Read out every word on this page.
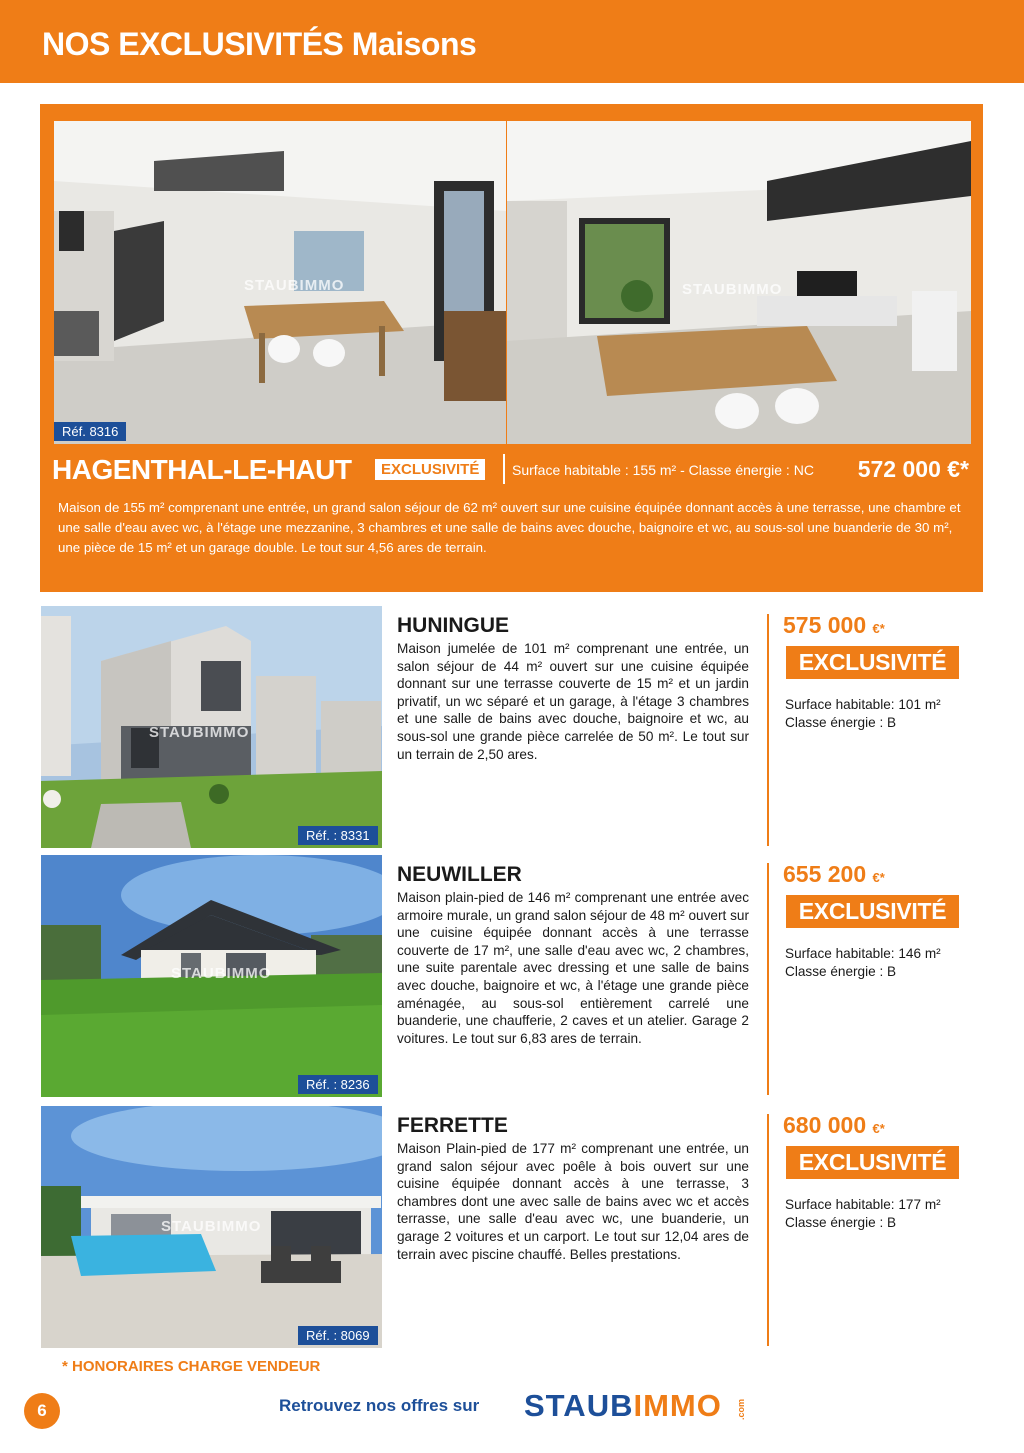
NOS EXCLUSIVITÉS Maisons
STAUBIMMO	STAUBIMMO
Réf. 8316
HAGENTHAL-LE-HAUT	EXCLUSIVITÉ	Surface habitable : 155 m² - Classe énergie : NC 572 000 €*
Maison de 155 m² comprenant une entrée, un grand salon séjour de 62 m² ouvert sur une cuisine équipée donnant accès à une terrasse, une chambre et une salle d'eau avec wc, à l'étage une mezzanine, 3 chambres et une salle de bains avec douche, baignoire et wc, au sous-sol une buanderie de 30 m², une pièce de 15 m² et un garage double. Le tout sur 4,56 ares de terrain.
STAUBIMMO
Réf. : 8331
HUNINGUE
Maison jumelée de 101 m² comprenant une entrée, un salon séjour de 44 m² ouvert sur une cuisine équipée donnant sur une terrasse couverte de 15 m² et un jardin privatif, un wc séparé et un garage, à l'étage 3 chambres et une salle de bains avec douche, baignoire et wc, au sous-sol une grande pièce carrelée de 50 m². Le tout sur un terrain de 2,50 ares.
575 000 €*
EXCLUSIVITÉ
Surface habitable: 101 m²
Classe énergie : B
STAUBIMMO
Réf. : 8236
NEUWILLER
Maison plain-pied de 146 m² comprenant une entrée avec armoire murale, un grand salon séjour de 48 m² ouvert sur une cuisine équipée donnant accès à une terrasse couverte de 17 m², une salle d'eau avec wc, 2 chambres, une suite parentale avec dressing et une salle de bains avec douche, baignoire et wc, à l'étage une grande pièce aménagée, au sous-sol entièrement carrelé une buanderie, une chaufferie, 2 caves et un atelier. Garage 2 voitures. Le tout sur 6,83 ares de terrain.
655 200 €*
EXCLUSIVITÉ
Surface habitable: 146 m²
Classe énergie : B
STAUBIMMO
Réf. : 8069
FERRETTE
Maison Plain-pied de 177 m² comprenant une entrée, un grand salon séjour avec poêle à bois ouvert sur une cuisine équipée donnant accès à une terrasse, 3 chambres dont une avec salle de bains avec wc et accès terrasse, une salle d'eau avec wc, une buanderie, un garage 2 voitures et un carport. Le tout sur 12,04 ares de terrain avec piscine chauffé. Belles prestations.
680 000 €*
EXCLUSIVITÉ
Surface habitable: 177 m²
Classe énergie : B
* HONORAIRES CHARGE VENDEUR
6	Retrouvez nos offres sur STAUBIMMO .com
